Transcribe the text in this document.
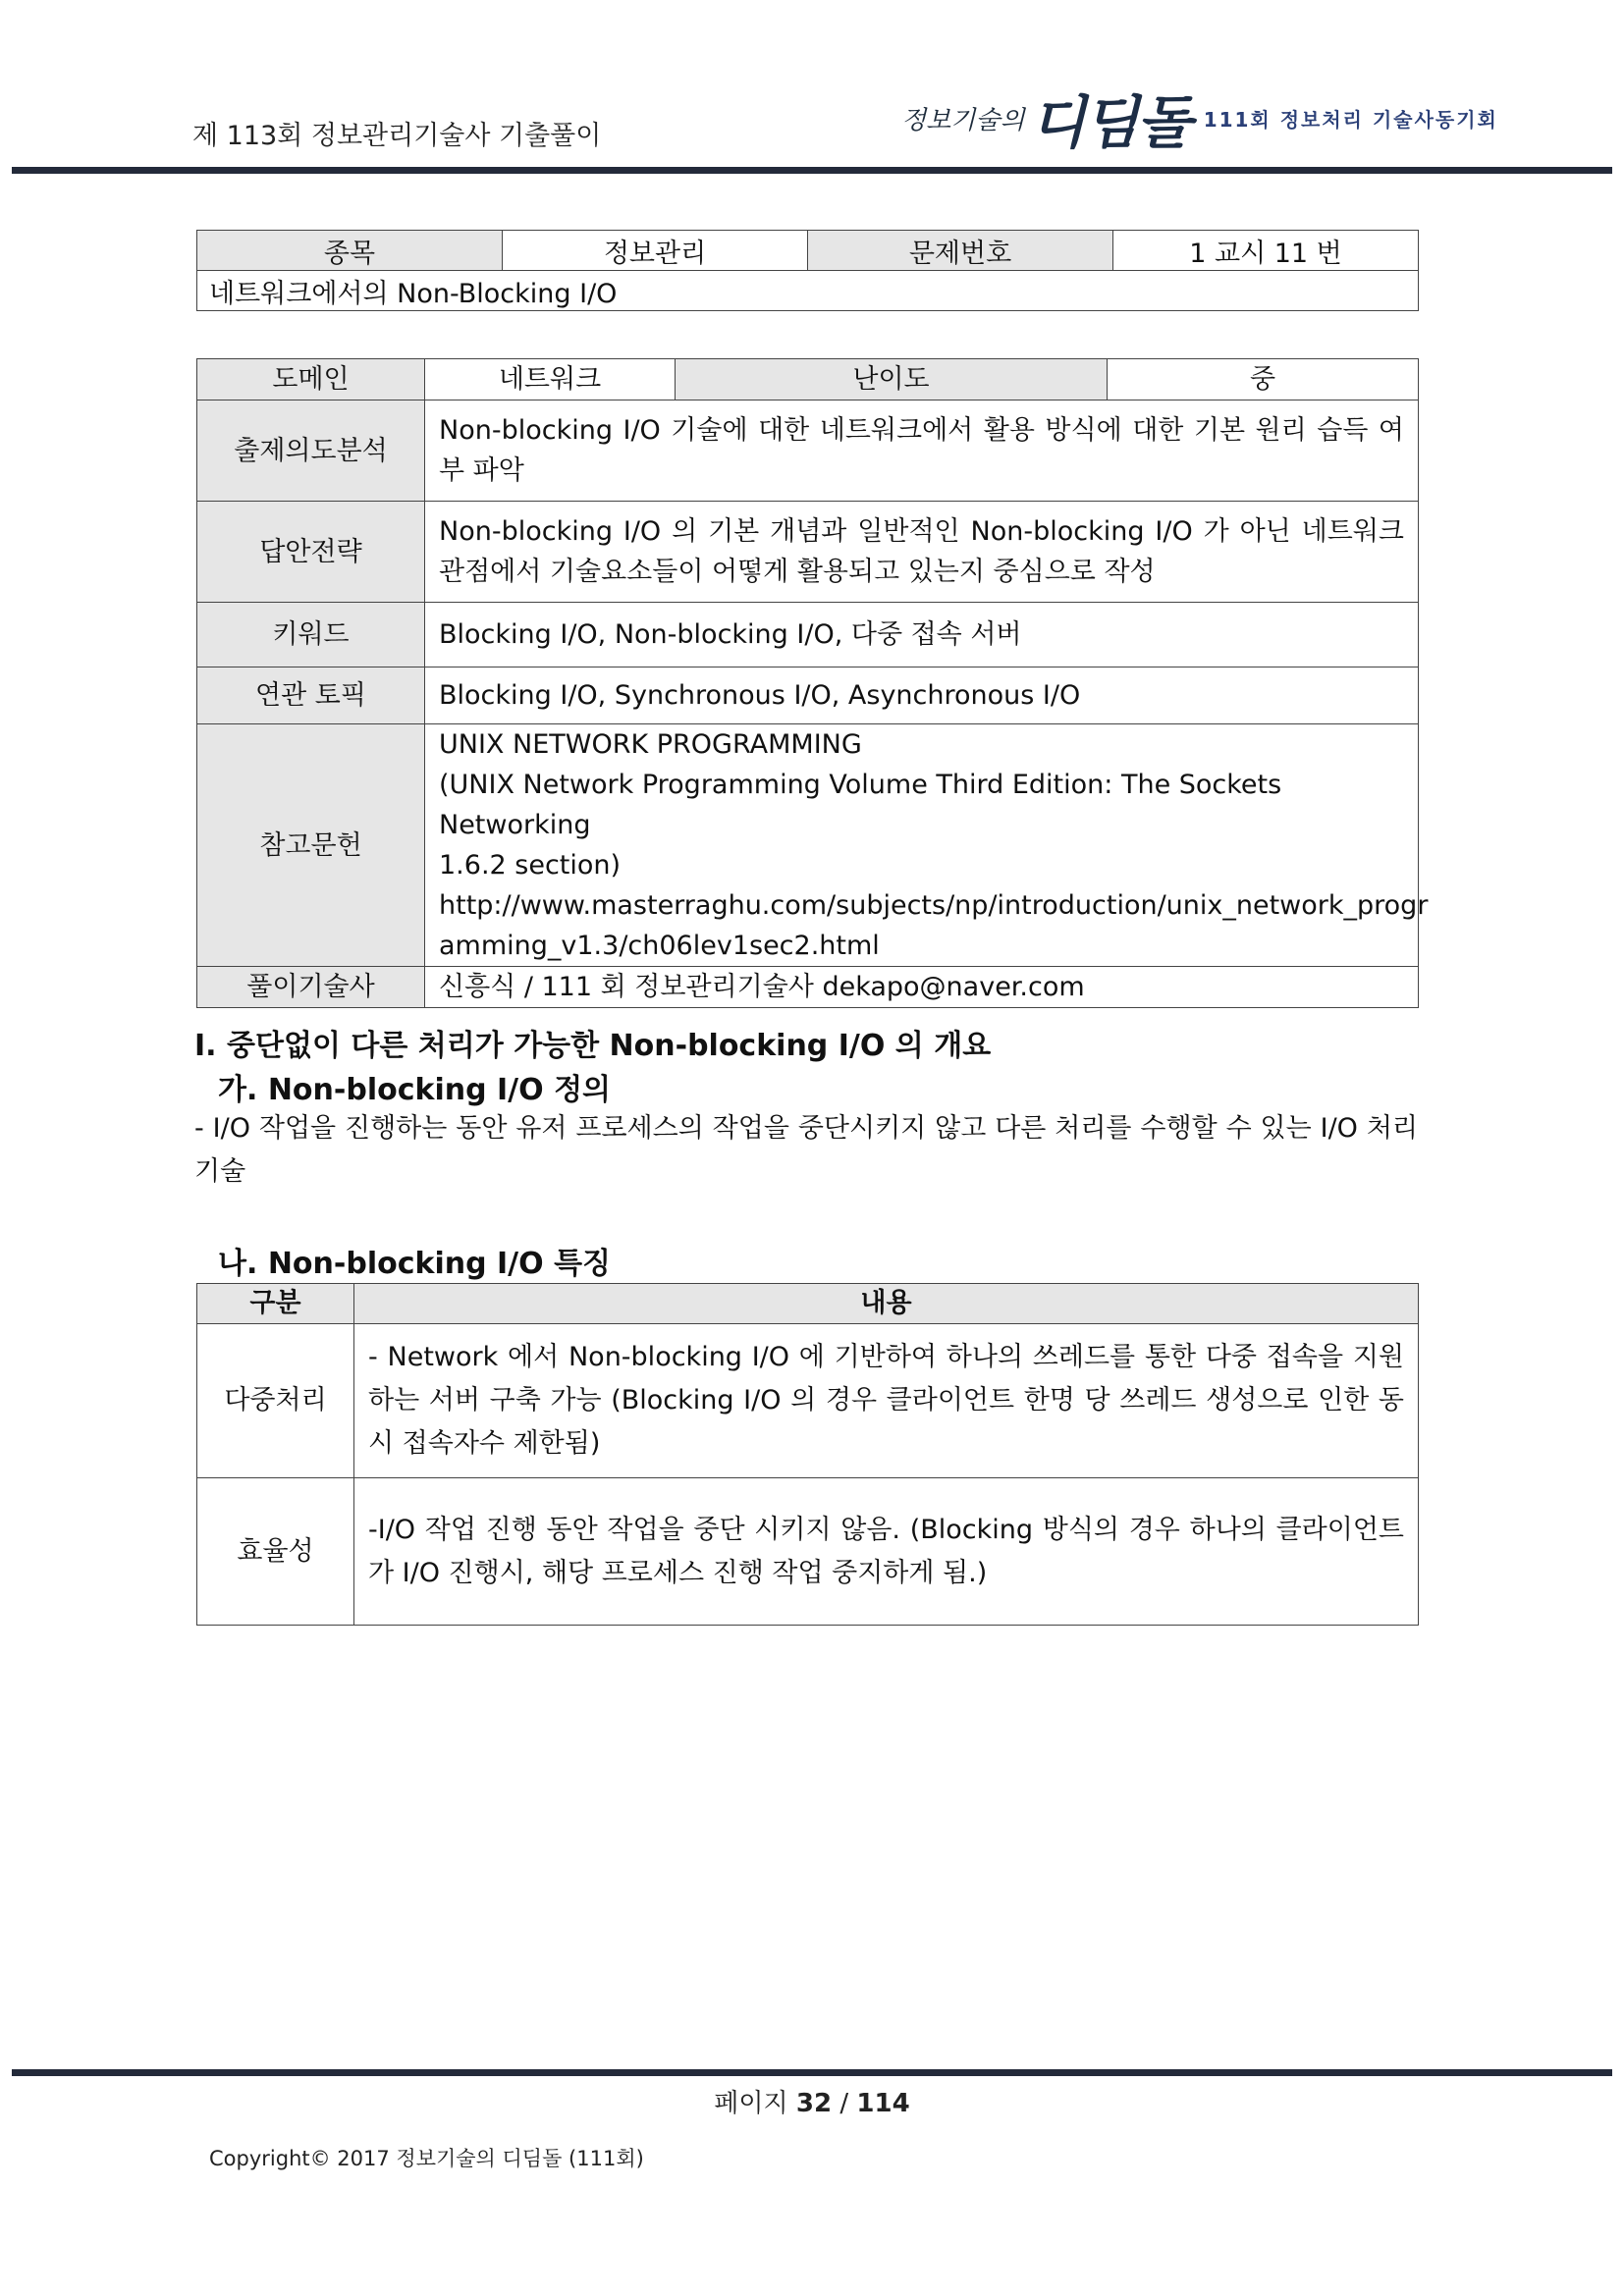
제 113회 정보관리기술사 기출풀이
정보기술의 디딤돌 111회 정보처리 기술사동기회
종목	정보관리	문제번호	1 교시 11 번
네트워크에서의 Non-Blocking I/O
도메인	네트워크	난이도	중
출제의도분석	Non-blocking I/O 기술에 대한 네트워크에서 활용 방식에 대한 기본 원리 습득 여부 파악		
답안전략	Non-blocking I/O 의 기본 개념과 일반적인 Non-blocking I/O 가 아닌 네트워크 관점에서 기술요소들이 어떻게 활용되고 있는지 중심으로 작성		
키워드	Blocking I/O, Non-blocking I/O, 다중 접속 서버		
연관 토픽	Blocking I/O, Synchronous I/O, Asynchronous I/O		
참고문헌	UNIX NETWORK PROGRAMMING
(UNIX Network Programming Volume Third Edition: The Sockets Networking
1.6.2 section)
http://www.masterraghu.com/subjects/np/introduction/unix_network_progr
amming_v1.3/ch06lev1sec2.html		

풀이기술사	신흥식 / 111 회 정보관리기술사 dekapo@naver.com		
I. 중단없이 다른 처리가 가능한 Non-blocking I/O 의 개요
가. Non-blocking I/O 정의
- I/O 작업을 진행하는 동안 유저 프로세스의 작업을 중단시키지 않고 다른 처리를 수행할 수 있는 I/O 처리 기술
나. Non-blocking I/O 특징
구분	내용
다중처리	- Network 에서 Non-blocking I/O 에 기반하여 하나의 쓰레드를 통한 다중 접속을 지원하는 서버 구축 가능 (Blocking I/O 의 경우 클라이언트 한명 당 쓰레드 생성으로 인한 동시 접속자수 제한됨)
효율성	-I/O 작업 진행 동안 작업을 중단 시키지 않음. (Blocking 방식의 경우 하나의 클라이언트가 I/O 진행시, 해당 프로세스 진행 작업 중지하게 됨.)
페이지 32 / 114
Copyright© 2017 정보기술의 디딤돌 (111회)
